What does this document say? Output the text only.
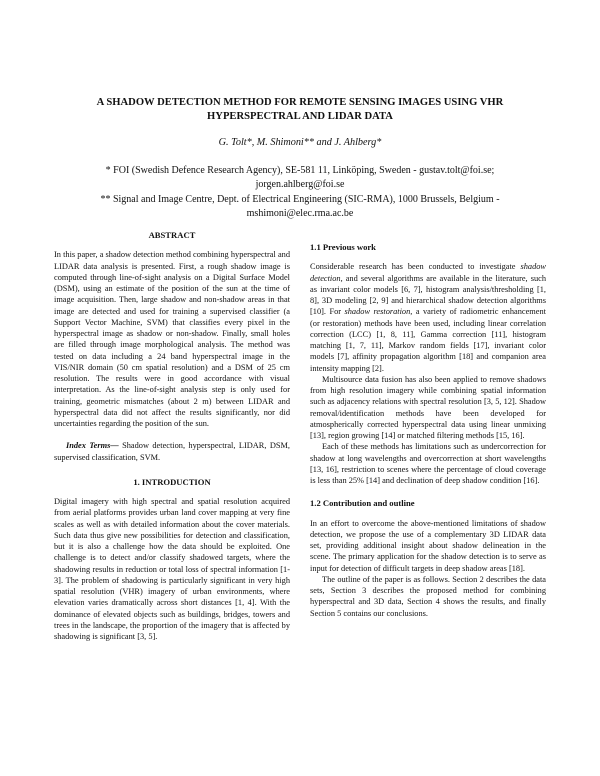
A SHADOW DETECTION METHOD FOR REMOTE SENSING IMAGES USING VHR
HYPERSPECTRAL AND LIDAR DATA
G. Tolt*, M. Shimoni** and J. Ahlberg*
* FOI (Swedish Defence Research Agency), SE-581 11, Linköping, Sweden - gustav.tolt@foi.se;
jorgen.ahlberg@foi.se
** Signal and Image Centre, Dept. of Electrical Engineering (SIC-RMA), 1000 Brussels, Belgium -
mshimoni@elec.rma.ac.be
ABSTRACT

In this paper, a shadow detection method combining hyperspectral and LIDAR data analysis is presented. First, a rough shadow image is computed through line-of-sight analysis on a Digital Surface Model (DSM), using an estimate of the position of the sun at the time of image acquisition. Then, large shadow and non-shadow areas in that image are detected and used for training a supervised classifier (a Support Vector Machine, SVM) that classifies every pixel in the hyperspectral image as shadow or non-shadow. Finally, small holes are filled through image morphological analysis. The method was tested on data including a 24 band hyperspectral image in the VIS/NIR domain (50 cm spatial resolution) and a DSM of 25 cm resolution. The results were in good accordance with visual interpretation. As the line-of-sight analysis step is only used for training, geometric mismatches (about 2 m) between LIDAR and hyperspectral data did not affect the results significantly, nor did uncertainties regarding the position of the sun.

Index Terms— Shadow detection, hyperspectral, LIDAR, DSM, supervised classification, SVM.

1. INTRODUCTION

Digital imagery with high spectral and spatial resolution acquired from aerial platforms provides urban land cover mapping at very fine scales as well as with detailed information about the cover materials. Such data thus give new possibilities for detection and classification, but it is also a challenge how the data should be exploited. One challenge is to detect and/or classify shadowed targets, where the shadowing results in reduction or total loss of spectral information [1-3]. The problem of shadowing is particularly significant in very high spatial resolution (VHR) imagery of urban environments, where elevation varies dramatically across short distances [1, 4]. With the dominance of elevated objects such as buildings, bridges, towers and trees in the landscape, the proportion of the imagery that is affected by shadowing is significant [3, 5].

1.1 Previous work

Considerable research has been conducted to investigate shadow detection, and several algorithms are available in the literature, such as invariant color models [6, 7], histogram analysis/thresholding [1, 8], 3D modeling [2, 9] and hierarchical shadow detection algorithms [10]. For shadow restoration, a variety of radiometric enhancement (or restoration) methods have been used, including linear correlation correction (LCC) [1, 8, 11], Gamma correction [11], histogram matching [1, 7, 11], Markov random fields [17], invariant color models [7], affinity propagation algorithm [18] and companion area intensity mapping [2].

Multisource data fusion has also been applied to remove shadows from high resolution imagery while combining spatial information such as adjacency relations with spectral resolution [3, 5, 12]. Shadow removal/identification methods have been developed for atmospherically corrected hyperspectral data using linear unmixing [13], region growing [14] or matched filtering methods [15, 16].

Each of these methods has limitations such as undercorrection for shadow at long wavelengths and overcorrection at short wavelengths [13, 16], restriction to scenes where the percentage of cloud coverage is less than 25% [14] and declination of deep shadow condition [16].

1.2 Contribution and outline

In an effort to overcome the above-mentioned limitations of shadow detection, we propose the use of a complementary 3D LIDAR data set, providing additional insight about shadow delineation in the scene. The primary application for the shadow detection is to serve as input for detection of difficult targets in deep shadow areas [18].

The outline of the paper is as follows. Section 2 describes the data sets, Section 3 describes the proposed method for combining hyperspectral and 3D data, Section 4 shows the results, and finally Section 5 contains our conclusions.
